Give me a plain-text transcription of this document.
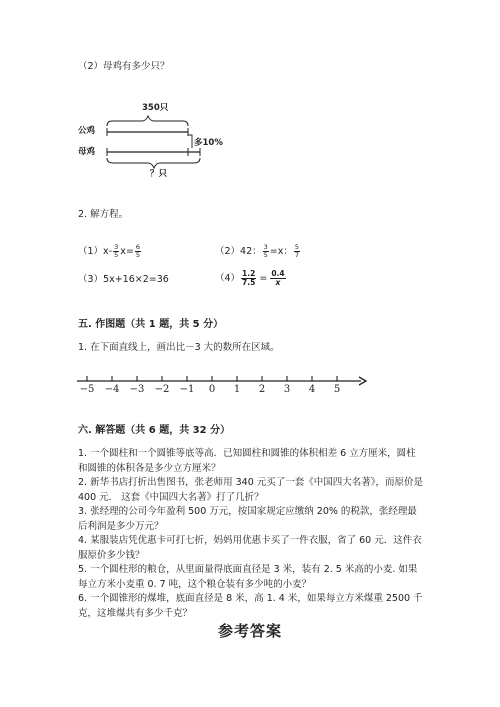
（2）母鸡有多少只？
350只
公鸡
母鸡
多10%
？只
2. 解方程。
$(1)x- \frac{3}{5} x= \frac{6}{5}$	（2）42： $\frac{3}{5} =x$： $\frac{5}{7}$
（3）5x+16×2=36	$(4) \frac{1.2}{7.5} = \frac{0.4}{x}$
五. 作图题（共 1 题，共 5 分）
1. 在下面直线上，画出比－3 大的数所在区域。
−5 −4 −3 −2 −1	0	1	2	3	4	5
六. 解答题（共 6 题，共 32 分）
1. 一个圆柱和一个圆锥等底等高．已知圆柱和圆锥的体积相差 6 立方厘米，圆柱和圆锥的体积各是多少立方厘米？
2. 新华书店打折出售图书，张老师用 340 元买了一套《中国四大名著》，而原价是 400 元． 这套《中国四大名著》打了几折？
3. 张经理的公司今年盈利 500 万元，按国家规定应缴纳 20% 的税款，张经理最后利润是多少万元？
4. 某服装店凭优惠卡可打七折，妈妈用优惠卡买了一件衣服，省了 60 元．这件衣服原价多少钱？
5. 一个圆柱形的粮仓，从里面量得底面直径是 3 米，装有 2. 5 米高的小麦. 如果每立方米小麦重 0. 7 吨，这个粮仓装有多少吨的小麦？
6. 一个圆锥形的煤堆，底面直径是 8 米，高 1. 4 米，如果每立方米煤重 2500 千克，这堆煤共有多少千克？
参考答案
